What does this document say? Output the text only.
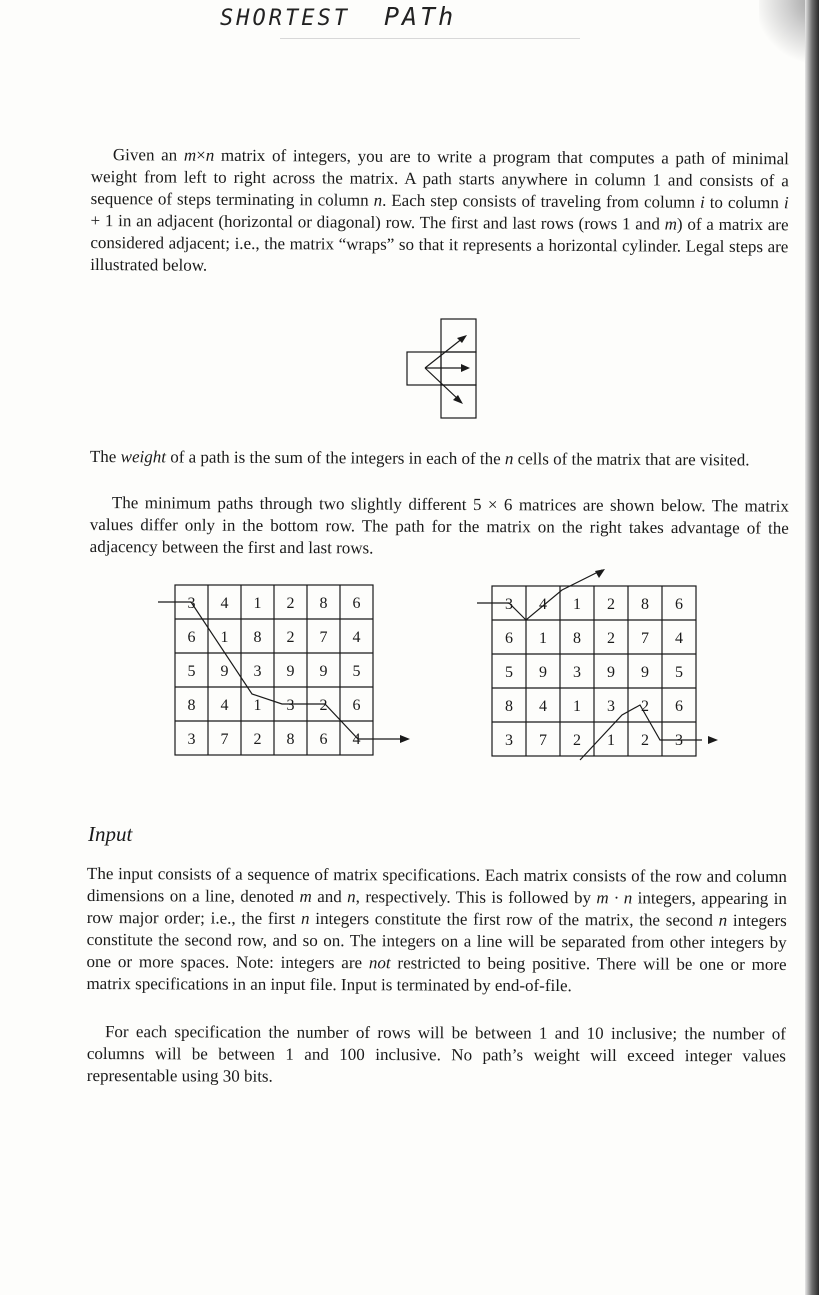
SHORTEST PATh

Given an m×n matrix of integers, you are to write a program that computes a path of minimal weight from left to right across the matrix. A path starts anywhere in column 1 and consists of a sequence of steps terminating in column n. Each step consists of traveling from column i to column i + 1 in an adjacent (horizontal or diagonal) row. The first and last rows (rows 1 and m) of a matrix are considered adjacent; i.e., the matrix “wraps” so that it represents a horizontal cylinder. Legal steps are illustrated below.

The weight of a path is the sum of the integers in each of the n cells of the matrix that are visited.

The minimum paths through two slightly different 5 × 6 matrices are shown below. The matrix values differ only in the bottom row. The path for the matrix on the right takes advantage of the adjacency between the first and last rows.

3 4 1 2 8 6
6 1 8 2 7 4
5 9 3 9 9 5
8 4 1 3 2 6
3 7 2 8 6 4
3 4 1 2 8 6
6 1 8 2 7 4
5 9 3 9 9 5
8 4 1 3 2 6
3 7 2 1 2 3
Input

The input consists of a sequence of matrix specifications. Each matrix consists of the row and column dimensions on a line, denoted m and n, respectively. This is followed by m · n integers, appearing in row major order; i.e., the first n integers constitute the first row of the matrix, the second n integers constitute the second row, and so on. The integers on a line will be separated from other integers by one or more spaces. Note: integers are not restricted to being positive. There will be one or more matrix specifications in an input file. Input is terminated by end-of-file.

For each specification the number of rows will be between 1 and 10 inclusive; the number of columns will be between 1 and 100 inclusive. No path’s weight will exceed integer values representable using 30 bits.
